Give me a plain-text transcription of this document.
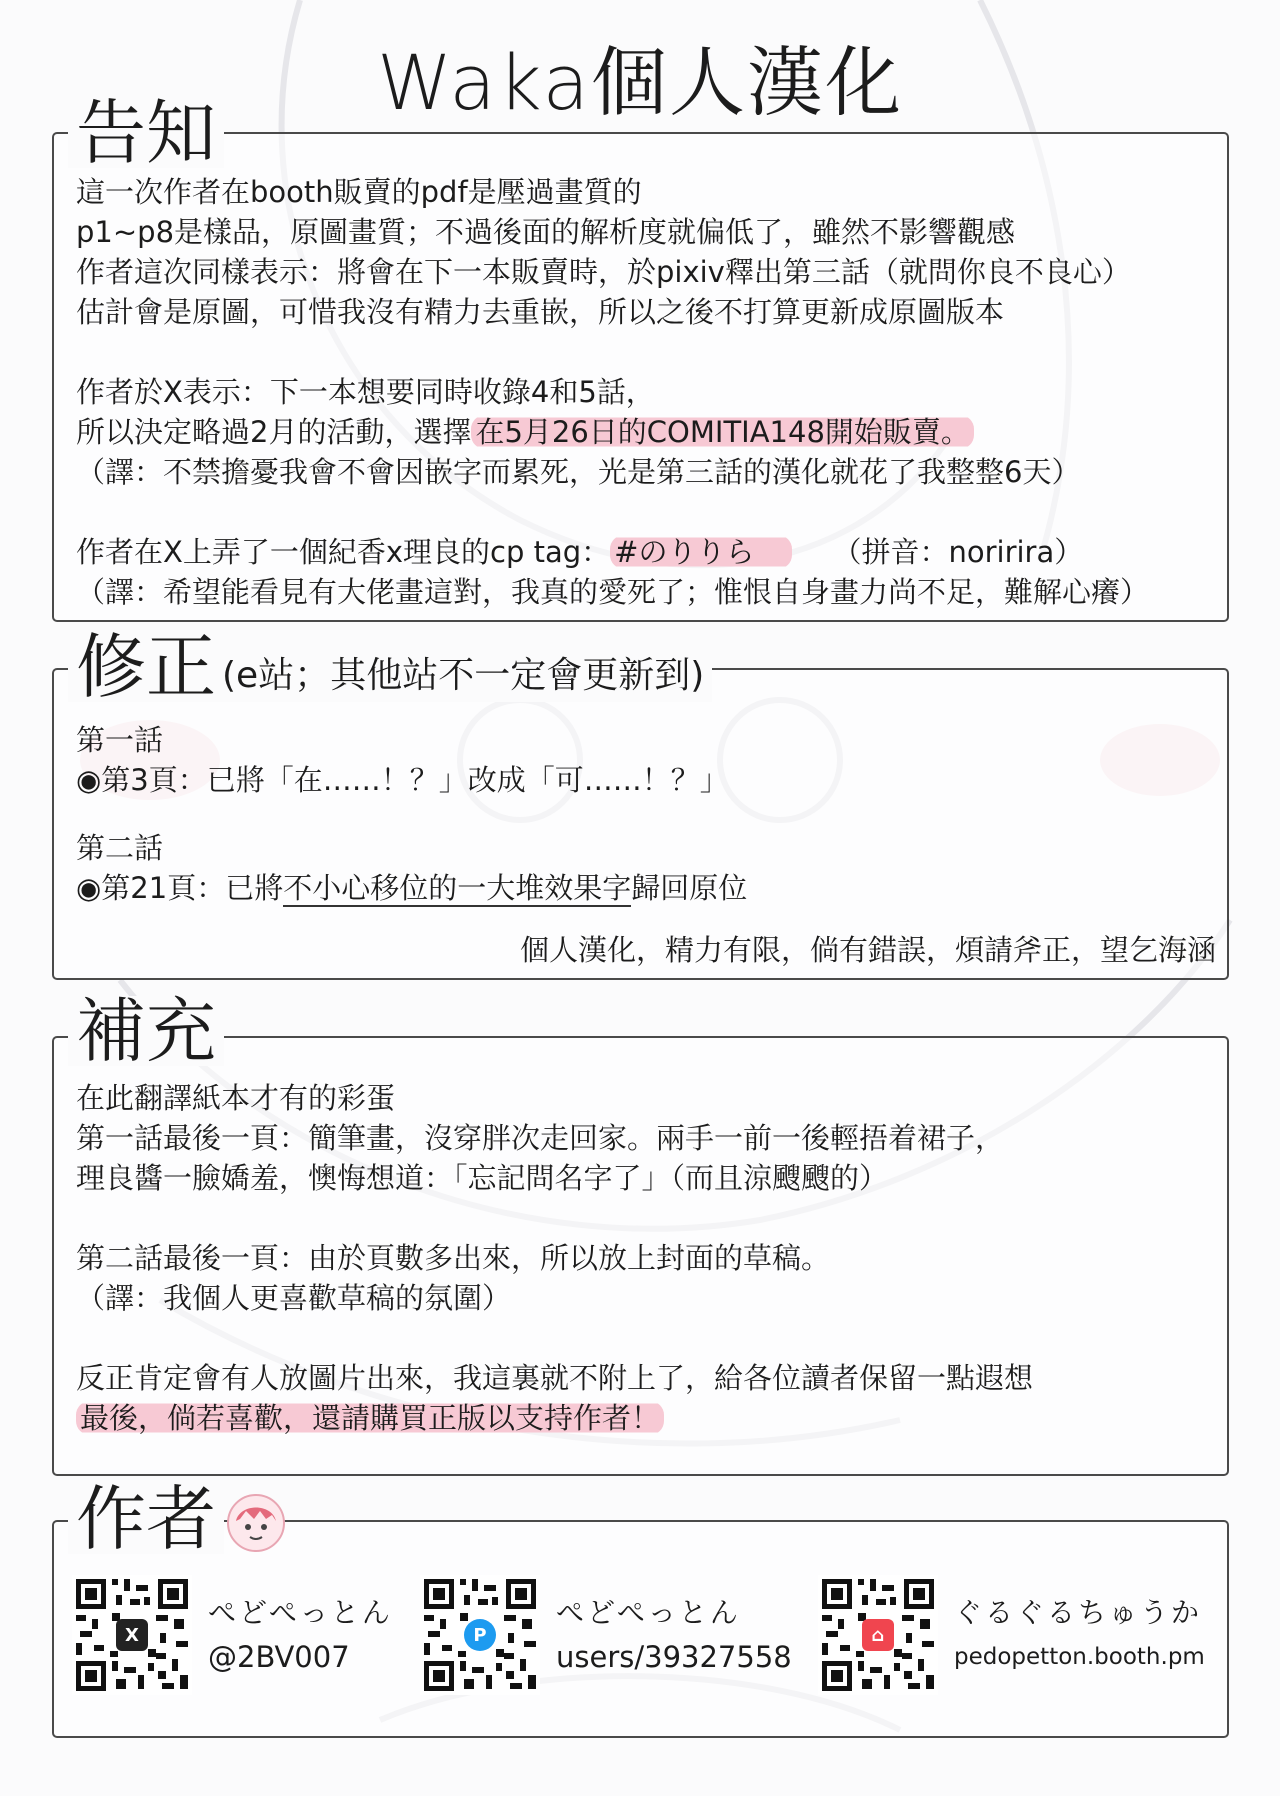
Waka個人漢化
告知
這一次作者在booth販賣的pdf是壓過畫質的
p1~p8是樣品，原圖畫質；不過後面的解析度就偏低了，雖然不影響觀感
作者這次同樣表示：將會在下一本販賣時，於pixiv釋出第三話（就問你良不良心）
估計會是原圖，可惜我沒有精力去重嵌，所以之後不打算更新成原圖版本
作者於X表示：下一本想要同時收錄4和5話，
所以決定略過2月的活動，選擇 在5月26日的COMITIA148開始販賣。
（譯：不禁擔憂我會不會因嵌字而累死，光是第三話的漢化就花了我整整6天）
作者在X上弄了一個紀香x理良的cp tag： #のりりら	（拼音：noririra）
（譯：希望能看見有大佬畫這對，我真的愛死了；惟恨自身畫力尚不足，難解心癢）
修正 (e站；其他站不一定會更新到)
第一話
◉第3頁：已將「在……！？」改成「可……！？」
第二話
◉第21頁：已將不小心移位的一大堆效果字歸回原位
個人漢化，精力有限，倘有錯誤，煩請斧正，望乞海涵
補充
在此翻譯紙本才有的彩蛋
第一話最後一頁：簡筆畫，沒穿胖次走回家。兩手一前一後輕捂着裙子，
理良醬一臉嬌羞，懊悔想道：「忘記問名字了」（而且涼颼颼的）
第二話最後一頁：由於頁數多出來，所以放上封面的草稿。
（譯：我個人更喜歡草稿的氛圍）
反正肯定會有人放圖片出來，我這裏就不附上了，給各位讀者保留一點遐想
最後，倘若喜歡，還請購買正版以支持作者！
作者
X
ぺどぺっとん
@2BV007
P
ぺどぺっとん
users/39327558
⌂
ぐるぐるちゅうか
pedopetton.booth.pm
